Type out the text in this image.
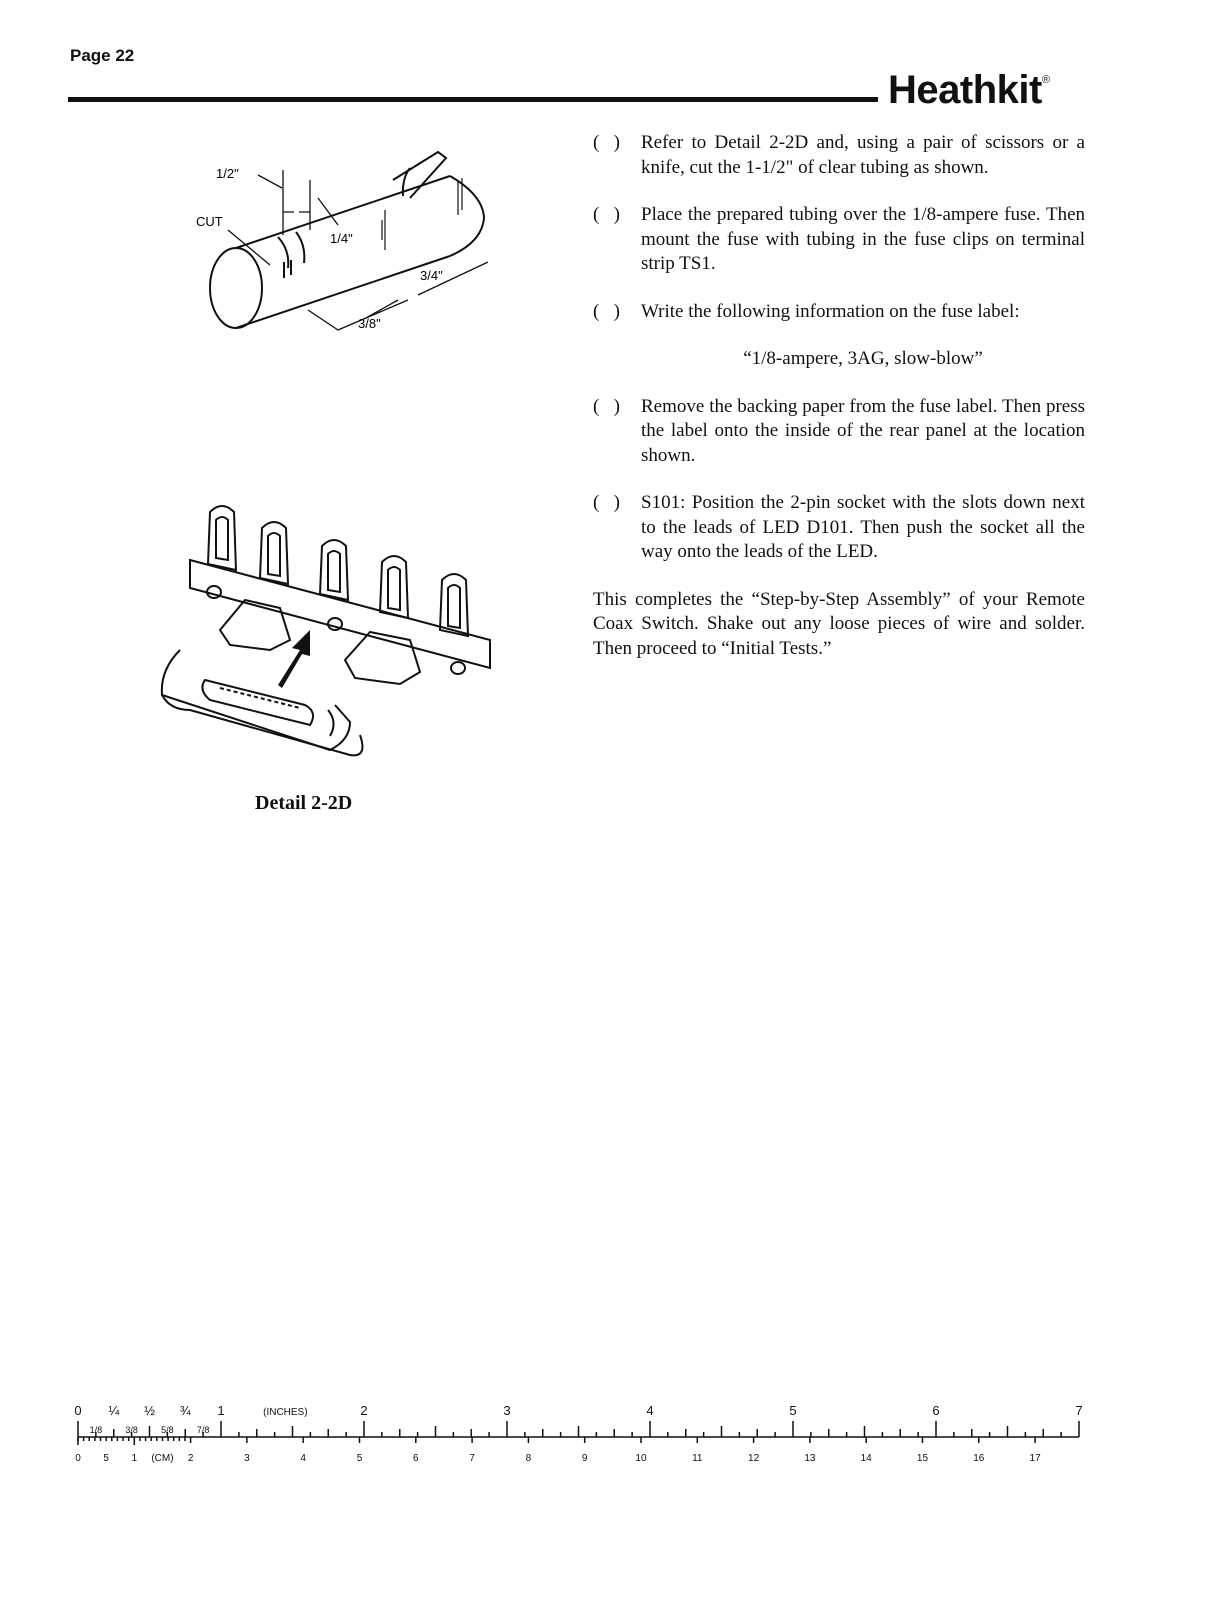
Page 22
Heathkit®
1/2"
CUT
1/4"
3/4"
3/8"
Detail 2-2D
(   )	Refer to Detail 2-2D and, using a pair of scissors or a knife, cut the 1-1/2" of clear tubing as shown.
(   )	Place the prepared tubing over the 1/8-ampere fuse. Then mount the fuse with tubing in the fuse clips on terminal strip TS1.
(   )	Write the following information on the fuse label:
“1/8-ampere, 3AG, slow-blow”
(   )	Remove the backing paper from the fuse label. Then press the label onto the inside of the rear panel at the location shown.
(   )	S101: Position the 2-pin socket with the slots down next to the leads of LED D101. Then push the socket all the way onto the leads of the LED.
This completes the “Step-by-Step Assembly” of your Remote Coax Switch. Shake out any loose pieces of wire and solder. Then proceed to “Initial Tests.”
0 ¼ ½ ¾ 1	(INCHES)	2	3	4	5	6	7
1/8	3/8	5/8	7/8
0 5 1 (CM) 2	3	4	5	6	7	8	9	10	11	12	13	14	15	16	17
